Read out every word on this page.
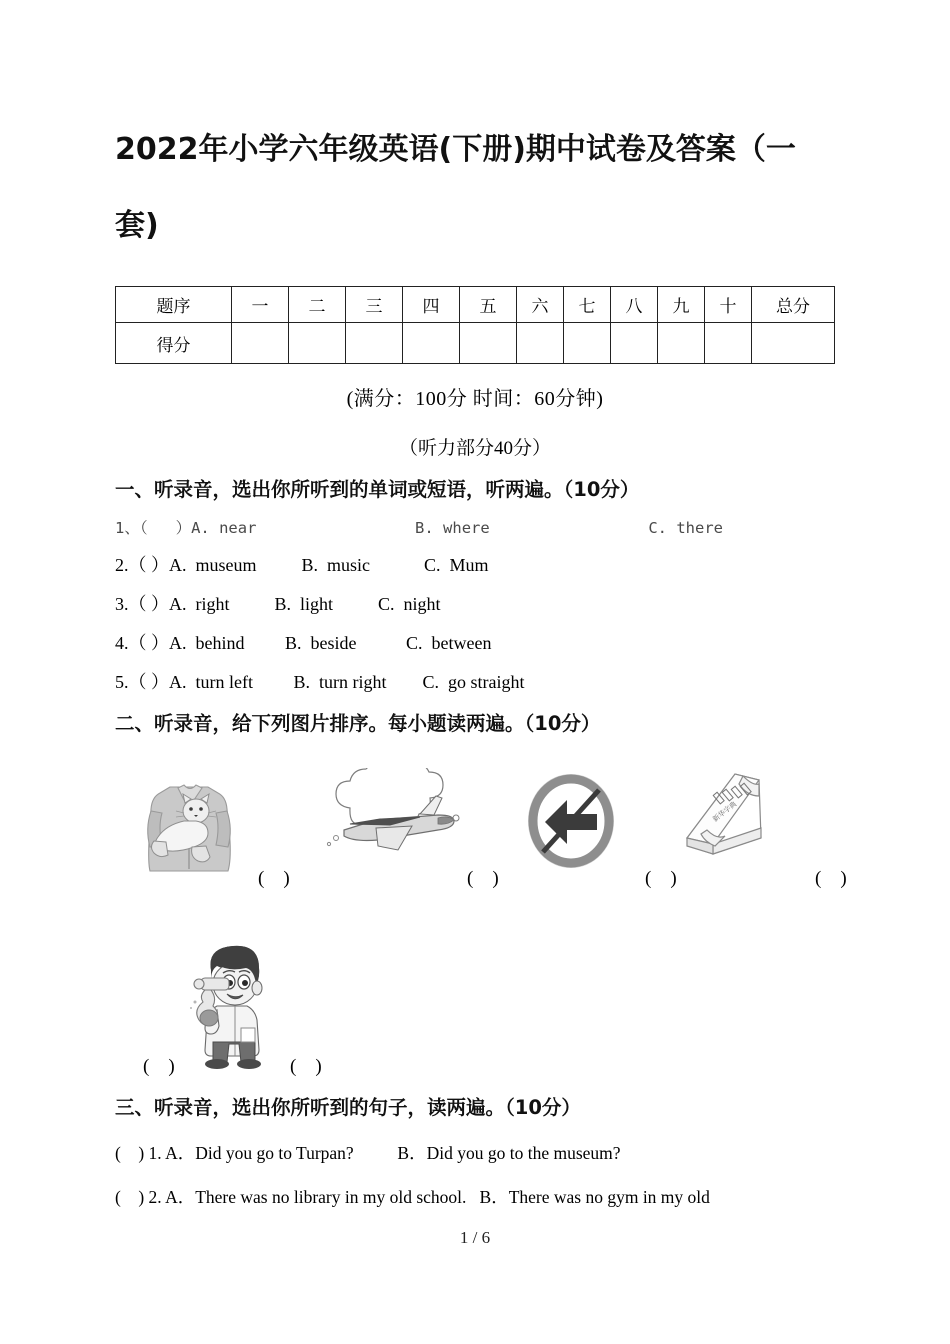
2022年小学六年级英语(下册)期中试卷及答案（一套)
题序	一	二	三	四	五	六	七	八	九	十	总分
得分											
(满分：100分 时间：60分钟)
（听力部分40分）
一、听录音，选出你所听到的单词或短语，听两遍。（10分）
1、（   ）A. near                 B. where                 C. there
2.（ ）A.  museum          B.  music            C.  Mum
3.（ ）A.  right          B.  light          C.  night
4.（ ）A.  behind         B.  beside           C.  between
5.（ ）A.  turn left         B.  turn right        C.  go straight
二、听录音，给下列图片排序。每小题读两遍。（10分）
(    )	(    )	(    )
新华字典
(    )
(    )	(    )
三、听录音，选出你所听到的句子，读两遍。（10分）
(    ) 1. A．Did you go to Turpan?          B．Did you go to the museum?
(    ) 2. A．There was no library in my old school.   B．There was no gym in my old
1 / 6
